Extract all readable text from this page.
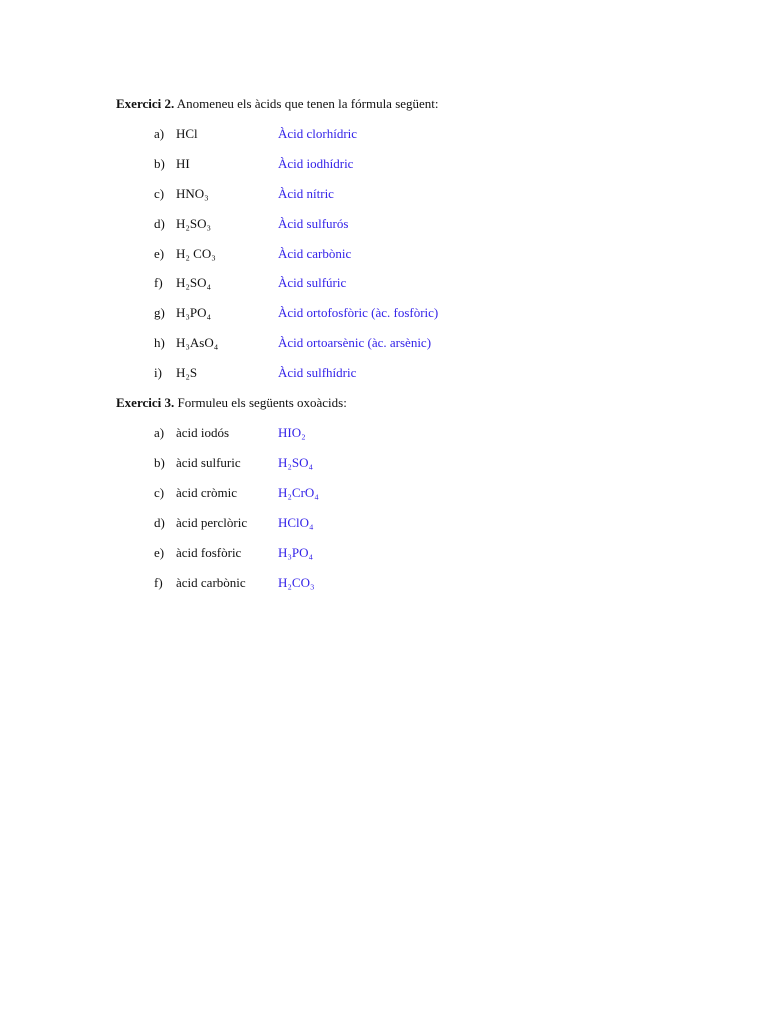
Exercici 2. Anomeneu els àcids que tenen la fórmula següent:

a) HCl	Àcid clorhídric
b) HI	Àcid iodhídric
c) HNO₃	Àcid nítric
d) H₂SO₃	Àcid sulfurós
e) H₂ CO₃	Àcid carbònic
f) H₂SO₄	Àcid sulfúric
g) H₃PO₄	Àcid ortofosfòric (àc. fosfòric)
h) H₃AsO₄	Àcid ortoarsènic (àc. arsènic)
i) H₂S	Àcid sulfhídric

Exercici 3. Formuleu els següents oxoàcids:

a) àcid iodós	HIO₂
b) àcid sulfuric	H₂SO₄
c) àcid cròmic	H₂CrO₄
d) àcid perclòric HClO₄
e) àcid fosfòric	H₃PO₄
f) àcid carbònic H₂CO₃
